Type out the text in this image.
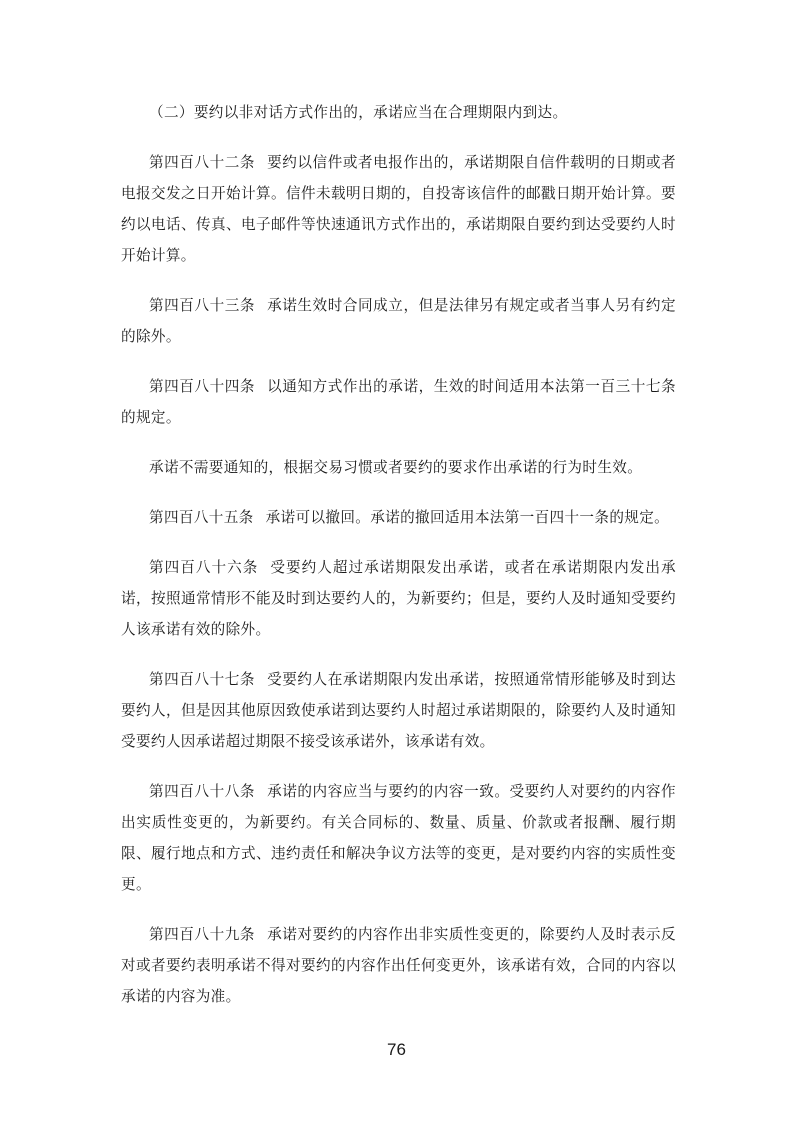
（二）要约以非对话方式作出的，承诺应当在合理期限内到达。

第四百八十二条 要约以信件或者电报作出的，承诺期限自信件载明的日期或者电报交发之日开始计算。信件未载明日期的，自投寄该信件的邮戳日期开始计算。要约以电话、传真、电子邮件等快速通讯方式作出的，承诺期限自要约到达受要约人时开始计算。

第四百八十三条 承诺生效时合同成立，但是法律另有规定或者当事人另有约定的除外。

第四百八十四条 以通知方式作出的承诺，生效的时间适用本法第一百三十七条的规定。

承诺不需要通知的，根据交易习惯或者要约的要求作出承诺的行为时生效。

第四百八十五条 承诺可以撤回。承诺的撤回适用本法第一百四十一条的规定。

第四百八十六条 受要约人超过承诺期限发出承诺，或者在承诺期限内发出承诺，按照通常情形不能及时到达要约人的，为新要约；但是，要约人及时通知受要约人该承诺有效的除外。

第四百八十七条 受要约人在承诺期限内发出承诺，按照通常情形能够及时到达要约人，但是因其他原因致使承诺到达要约人时超过承诺期限的，除要约人及时通知受要约人因承诺超过期限不接受该承诺外，该承诺有效。

第四百八十八条 承诺的内容应当与要约的内容一致。受要约人对要约的内容作出实质性变更的，为新要约。有关合同标的、数量、质量、价款或者报酬、履行期限、履行地点和方式、违约责任和解决争议方法等的变更，是对要约内容的实质性变更。

第四百八十九条 承诺对要约的内容作出非实质性变更的，除要约人及时表示反对或者要约表明承诺不得对要约的内容作出任何变更外，该承诺有效，合同的内容以承诺的内容为准。

76
